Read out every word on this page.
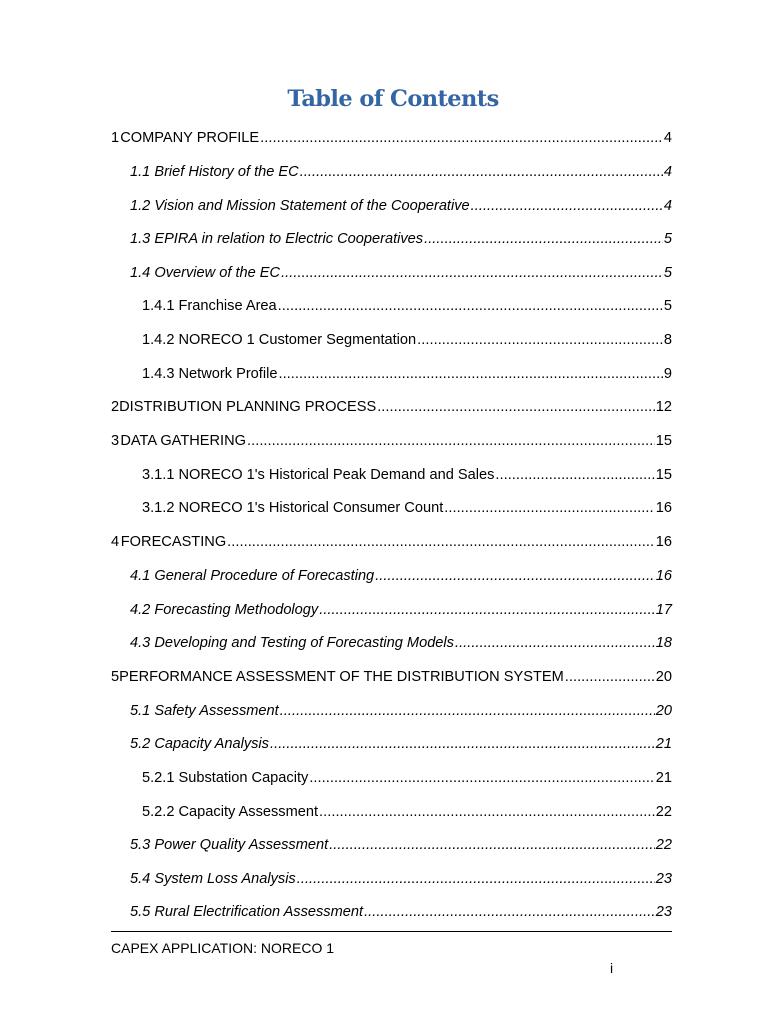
Table of Contents
1 COMPANY PROFILE .....	4
1.1 Brief History of the EC .....	4
1.2 Vision and Mission Statement of the Cooperative .....	4
1.3 EPIRA in relation to Electric Cooperatives .....	5
1.4 Overview of the EC .....	5
1.4.1 Franchise Area .....	5
1.4.2 NORECO 1 Customer Segmentation .....	8
1.4.3 Network Profile .....	9
2 DISTRIBUTION PLANNING PROCESS .....	12
3 DATA GATHERING .....	15
3.1.1 NORECO 1's Historical Peak Demand and Sales .....	15
3.1.2 NORECO 1's Historical Consumer Count .....	16
4 FORECASTING .....	16
4.1 General Procedure of Forecasting .....	16
4.2 Forecasting Methodology .....	17
4.3 Developing and Testing of Forecasting Models .....	18
5 PERFORMANCE ASSESSMENT OF THE DISTRIBUTION SYSTEM .....	20
5.1 Safety Assessment .....	20
5.2 Capacity Analysis .....	21
5.2.1 Substation Capacity .....	21
5.2.2 Capacity Assessment .....	22
5.3 Power Quality Assessment .....	22
5.4 System Loss Analysis .....	23
5.5 Rural Electrification Assessment .....	23
CAPEX APPLICATION: NORECO 1
i
